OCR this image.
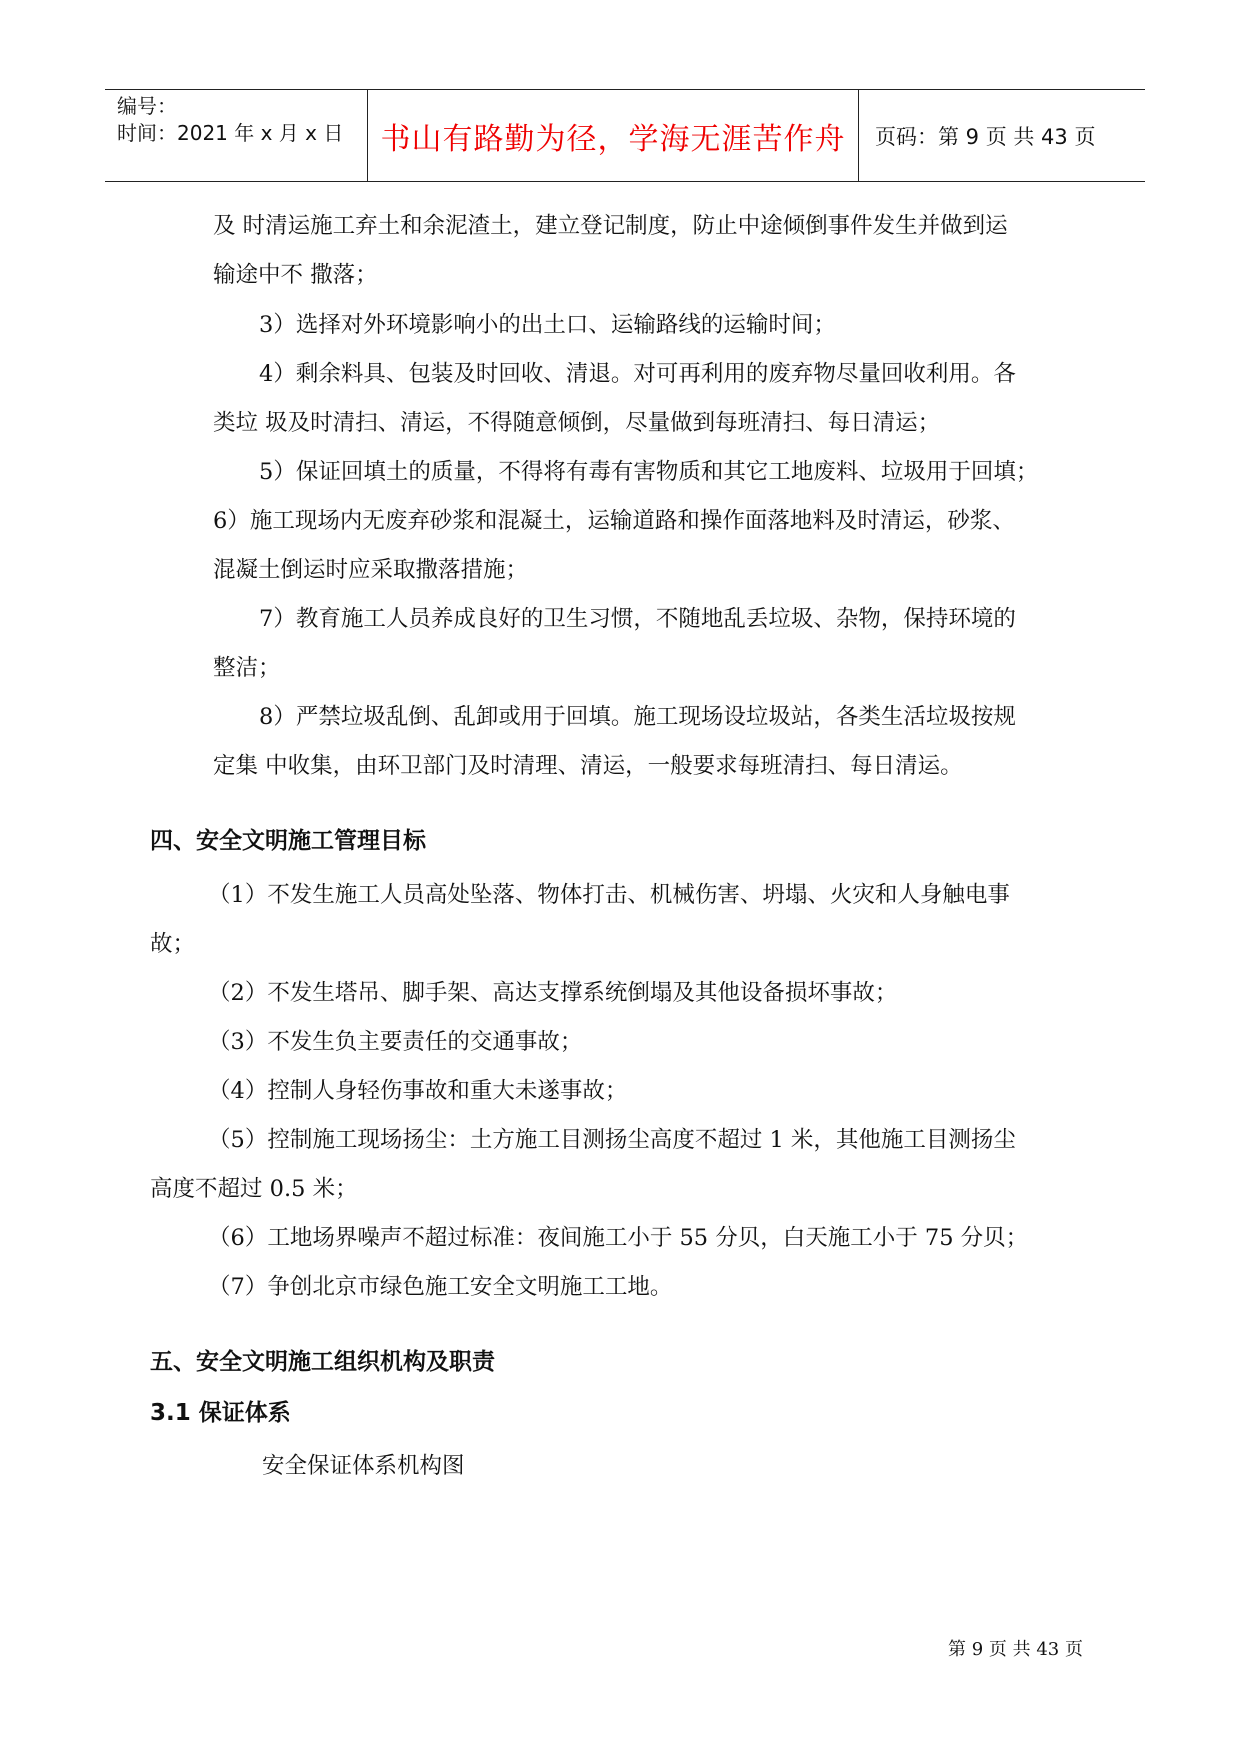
编号：
时间：2021 年 x 月 x 日	书山有路勤为径，学海无涯苦作舟	页码：第 9 页 共 43 页
及 时清运施工弃土和余泥渣土，建立登记制度，防止中途倾倒事件发生并做到运
输途中不 撒落；
3）选择对外环境影响小的出土口、运输路线的运输时间；
4）剩余料具、包装及时回收、清退。对可再利用的废弃物尽量回收利用。各
类垃 圾及时清扫、清运，不得随意倾倒，尽量做到每班清扫、每日清运；
5）保证回填土的质量，不得将有毒有害物质和其它工地废料、垃圾用于回填；
6）施工现场内无废弃砂浆和混凝土，运输道路和操作面落地料及时清运，砂浆、
混凝土倒运时应采取撒落措施；
7）教育施工人员养成良好的卫生习惯，不随地乱丢垃圾、杂物，保持环境的
整洁；
8）严禁垃圾乱倒、乱卸或用于回填。施工现场设垃圾站，各类生活垃圾按规
定集 中收集，由环卫部门及时清理、清运，一般要求每班清扫、每日清运。
四、安全文明施工管理目标
（1）不发生施工人员高处坠落、物体打击、机械伤害、坍塌、火灾和人身触电事
故；
（2）不发生塔吊、脚手架、高达支撑系统倒塌及其他设备损坏事故；
（3）不发生负主要责任的交通事故；
（4）控制人身轻伤事故和重大未遂事故；
（5）控制施工现场扬尘：土方施工目测扬尘高度不超过 1 米，其他施工目测扬尘
高度不超过 0.5 米；
（6）工地场界噪声不超过标准：夜间施工小于 55 分贝，白天施工小于 75 分贝；
（7）争创北京市绿色施工安全文明施工工地。
五、安全文明施工组织机构及职责
3.1 保证体系
安全保证体系机构图
第 9 页 共 43 页
